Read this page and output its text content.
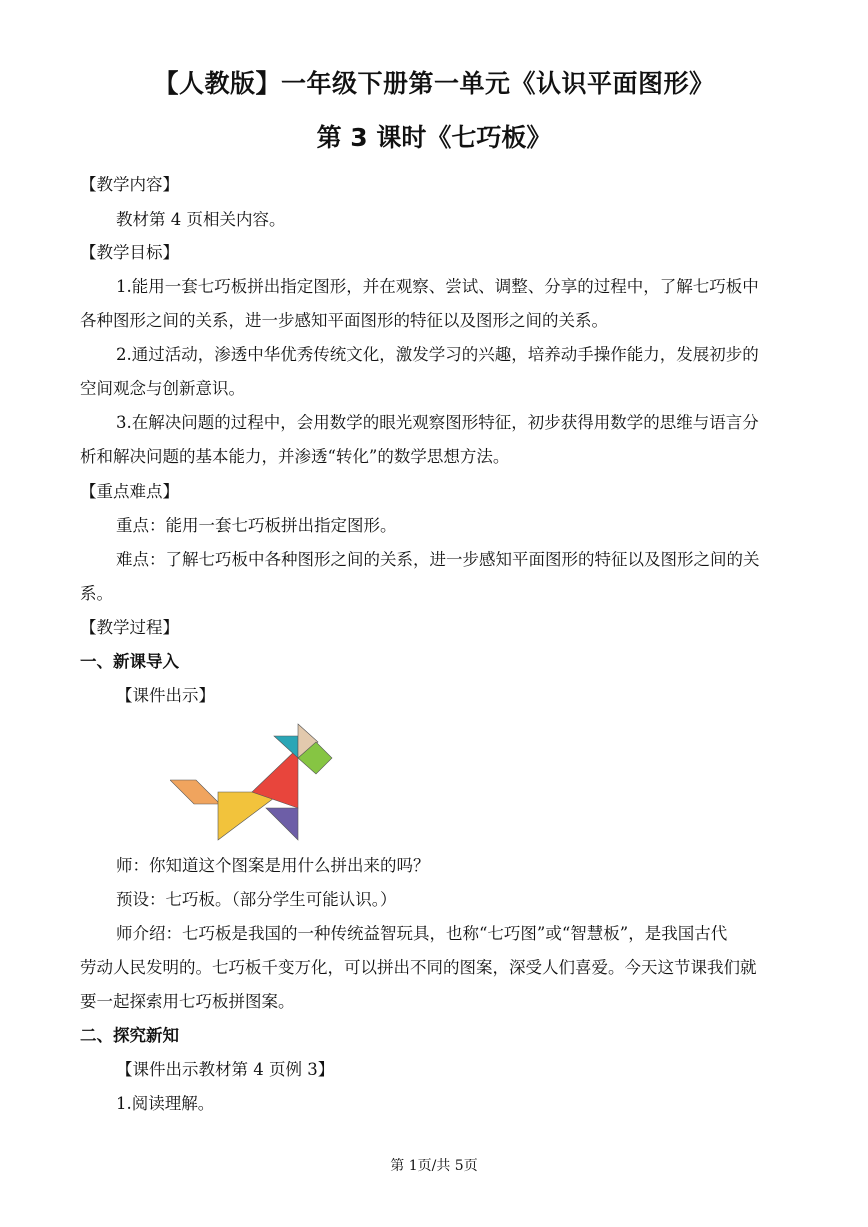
【人教版】一年级下册第一单元《认识平面图形》
第 3 课时《七巧板》
【教学内容】
教材第 4 页相关内容。
【教学目标】
1.能用一套七巧板拼出指定图形，并在观察、尝试、调整、分享的过程中，了解七巧板中
各种图形之间的关系，进一步感知平面图形的特征以及图形之间的关系。
2.通过活动，渗透中华优秀传统文化，激发学习的兴趣，培养动手操作能力，发展初步的
空间观念与创新意识。
3.在解决问题的过程中，会用数学的眼光观察图形特征，初步获得用数学的思维与语言分
析和解决问题的基本能力，并渗透“转化”的数学思想方法。
【重点难点】
重点：能用一套七巧板拼出指定图形。
难点：了解七巧板中各种图形之间的关系，进一步感知平面图形的特征以及图形之间的关
系。
【教学过程】
一、新课导入
【课件出示】
师：你知道这个图案是用什么拼出来的吗？
预设：七巧板。（部分学生可能认识。）
师介绍：七巧板是我国的一种传统益智玩具，也称“七巧图”或“智慧板”，是我国古代
劳动人民发明的。七巧板千变万化，可以拼出不同的图案，深受人们喜爱。今天这节课我们就
要一起探索用七巧板拼图案。
二、探究新知
【课件出示教材第 4 页例 3】
1.阅读理解。
第 1页/共 5页
